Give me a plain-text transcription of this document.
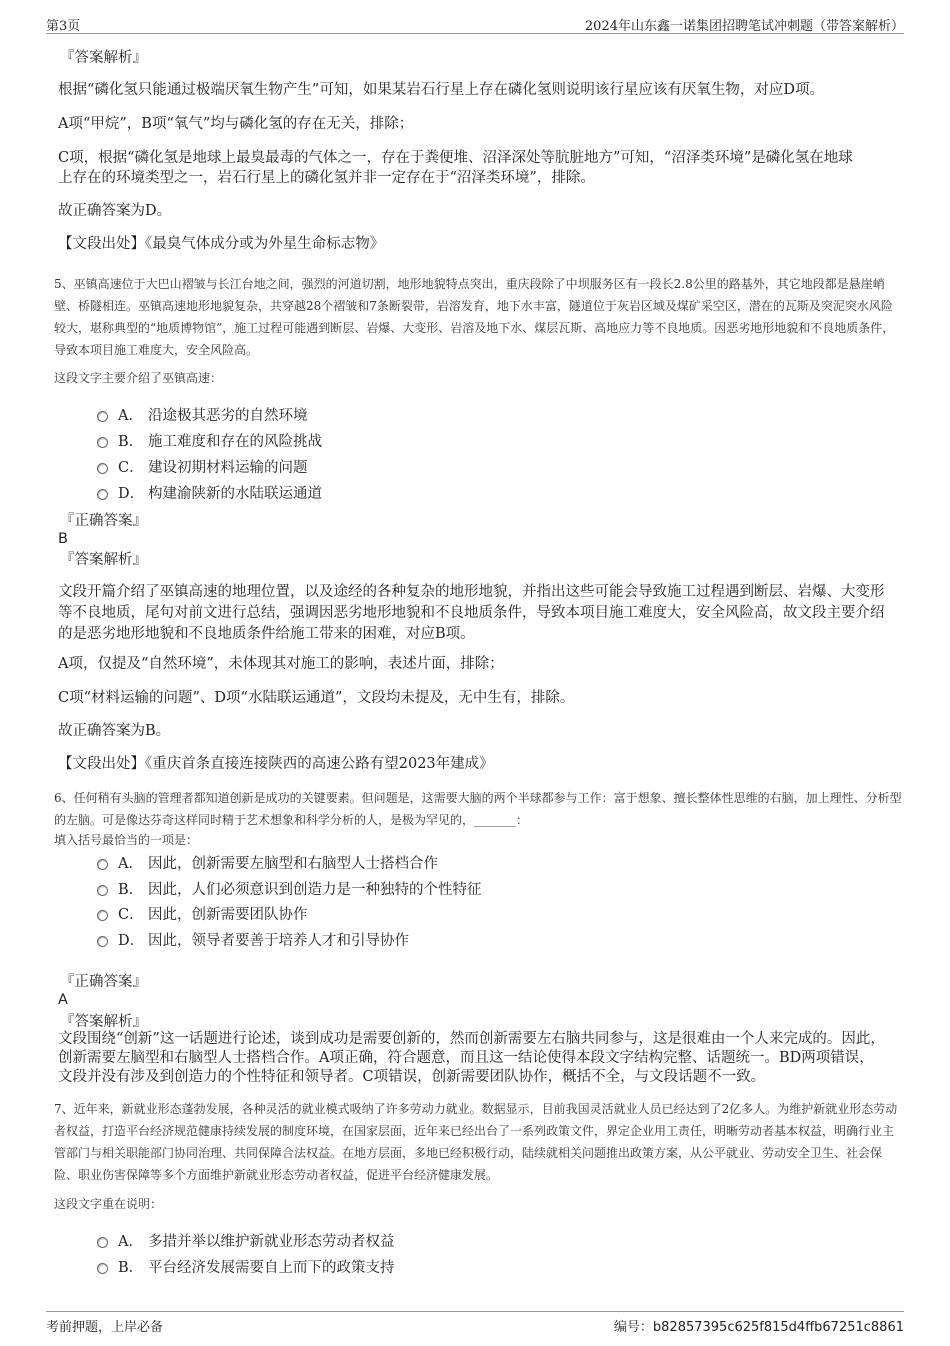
第3页	2024年山东鑫一诺集团招聘笔试冲刺题（带答案解析）
『答案解析』
根据“磷化氢只能通过极端厌氧生物产生”可知，如果某岩石行星上存在磷化氢则说明该行星应该有厌氧生物，对应D项。
A项“甲烷”，B项“氧气”均与磷化氢的存在无关，排除；
C项，根据“磷化氢是地球上最臭最毒的气体之一，存在于粪便堆、沼泽深处等肮脏地方”可知，“沼泽类环境”是磷化氢在地球
上存在的环境类型之一，岩石行星上的磷化氢并非一定存在于“沼泽类环境”，排除。
故正确答案为D。
【文段出处】《最臭气体成分或为外星生命标志物》
5、巫镇高速位于大巴山褶皱与长江台地之间，强烈的河道切割，地形地貌特点突出，重庆段除了中坝服务区有一段长2.8公里的路基外，其它地段都是悬崖峭壁、桥隧相连。巫镇高速地形地貌复杂，共穿越28个褶皱和7条断裂带，岩溶发育，地下水丰富，隧道位于灰岩区域及煤矿采空区，潜在的瓦斯及突泥突水风险较大，堪称典型的“地质博物馆”，施工过程可能遇到断层、岩爆、大变形、岩溶及地下水、煤层瓦斯、高地应力等不良地质。因恶劣地形地貌和不良地质条件，导致本项目施工难度大，安全风险高。
这段文字主要介绍了巫镇高速：
A． 沿途极其恶劣的自然环境
B． 施工难度和存在的风险挑战
C． 建设初期材料运输的问题
D． 构建渝陕新的水陆联运通道
『正确答案』
B
『答案解析』
文段开篇介绍了巫镇高速的地理位置，以及途经的各种复杂的地形地貌，并指出这些可能会导致施工过程遇到断层、岩爆、大变形等不良地质，尾句对前文进行总结，强调因恶劣地形地貌和不良地质条件，导致本项目施工难度大，安全风险高，故文段主要介绍的是恶劣地形地貌和不良地质条件给施工带来的困难，对应B项。
A项，仅提及“自然环境”，未体现其对施工的影响，表述片面，排除；
C项“材料运输的问题”、D项“水陆联运通道”，文段均未提及，无中生有，排除。
故正确答案为B。
【文段出处】《重庆首条直接连接陕西的高速公路有望2023年建成》
6、任何稍有头脑的管理者都知道创新是成功的关键要素。但问题是，这需要大脑的两个半球都参与工作：富于想象、擅长整体性思维的右脑，加上理性、分析型的左脑。可是像达芬奇这样同时精于艺术想象和科学分析的人，是极为罕见的，_______：
填入括号最恰当的一项是：
A． 因此，创新需要左脑型和右脑型人士搭档合作
B． 因此，人们必须意识到创造力是一种独特的个性特征
C． 因此，创新需要团队协作
D． 因此，领导者要善于培养人才和引导协作
『正确答案』
A
『答案解析』
文段围绕“创新”这一话题进行论述，谈到成功是需要创新的，然而创新需要左右脑共同参与，这是很难由一个人来完成的。因此，创新需要左脑型和右脑型人士搭档合作。A项正确，符合题意，而且这一结论使得本段文字结构完整、话题统一。BD两项错误，文段并没有涉及到创造力的个性特征和领导者。C项错误，创新需要团队协作，概括不全，与文段话题不一致。
7、近年来，新就业形态蓬勃发展，各种灵活的就业模式吸纳了许多劳动力就业。数据显示，目前我国灵活就业人员已经达到了2亿多人。为维护新就业形态劳动者权益，打造平台经济规范健康持续发展的制度环境，在国家层面，近年来已经出台了一系列政策文件，界定企业用工责任，明晰劳动者基本权益，明确行业主管部门与相关职能部门协同治理、共同保障合法权益。在地方层面，多地已经积极行动，陆续就相关问题推出政策方案，从公平就业、劳动安全卫生、社会保险、职业伤害保障等多个方面维护新就业形态劳动者权益，促进平台经济健康发展。
这段文字重在说明：
A． 多措并举以维护新就业形态劳动者权益
B． 平台经济发展需要自上而下的政策支持
考前押题，上岸必备	编号：b82857395c625f815d4ffb67251c8861
